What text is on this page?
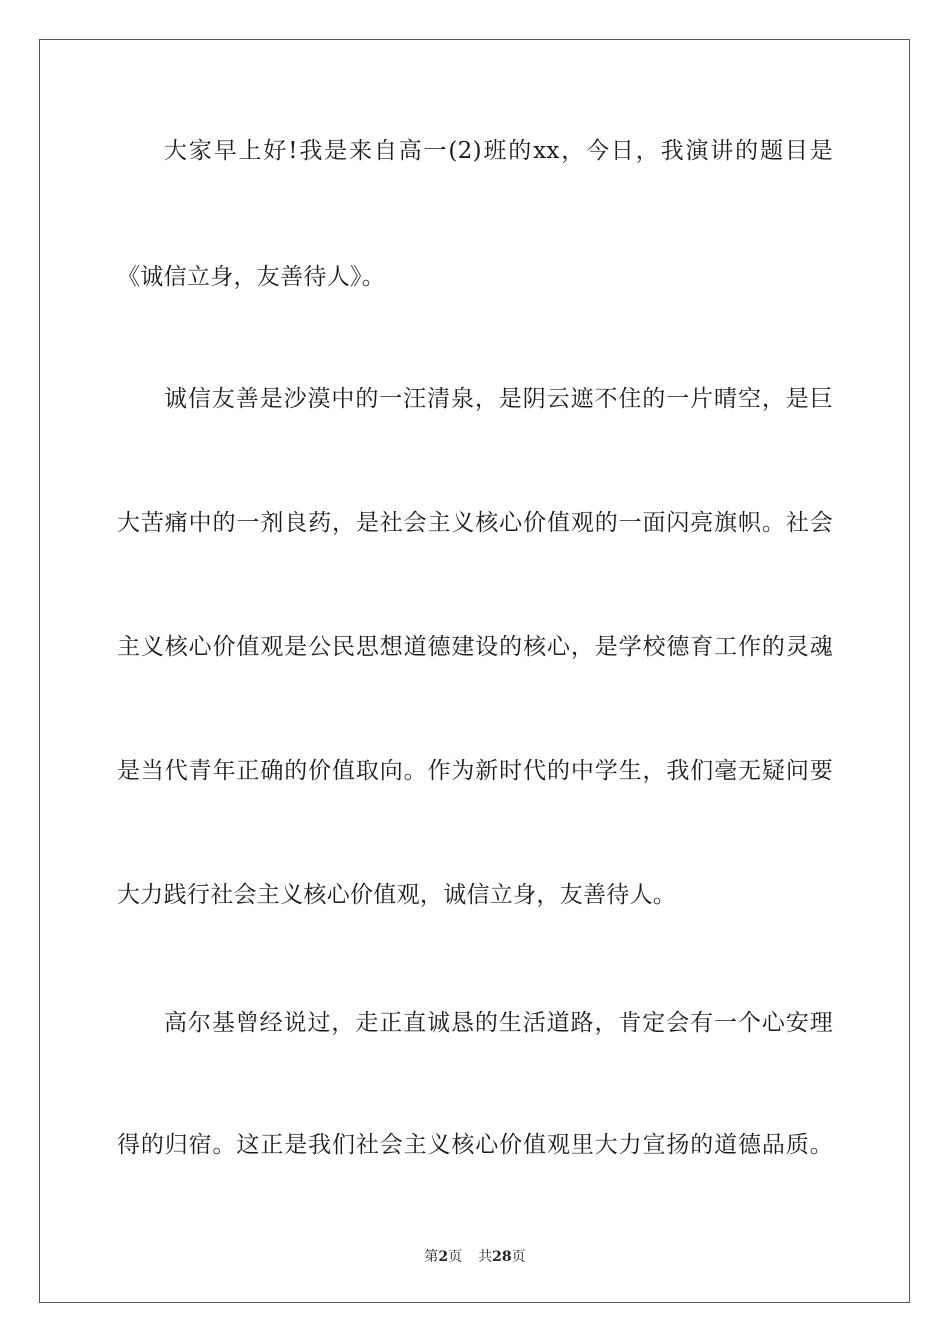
大家早上好!我是来自高一(2)班的xx，今日，我演讲的题目是
《诚信立身，友善待人》。
诚信友善是沙漠中的一汪清泉，是阴云遮不住的一片晴空，是巨
大苦痛中的一剂良药，是社会主义核心价值观的一面闪亮旗帜。社会
主义核心价值观是公民思想道德建设的核心，是学校德育工作的灵魂
是当代青年正确的价值取向。作为新时代的中学生，我们毫无疑问要
大力践行社会主义核心价值观，诚信立身，友善待人。
高尔基曾经说过，走正直诚恳的生活道路，肯定会有一个心安理
得的归宿。这正是我们社会主义核心价值观里大力宣扬的道德品质。
第2页 共28页
